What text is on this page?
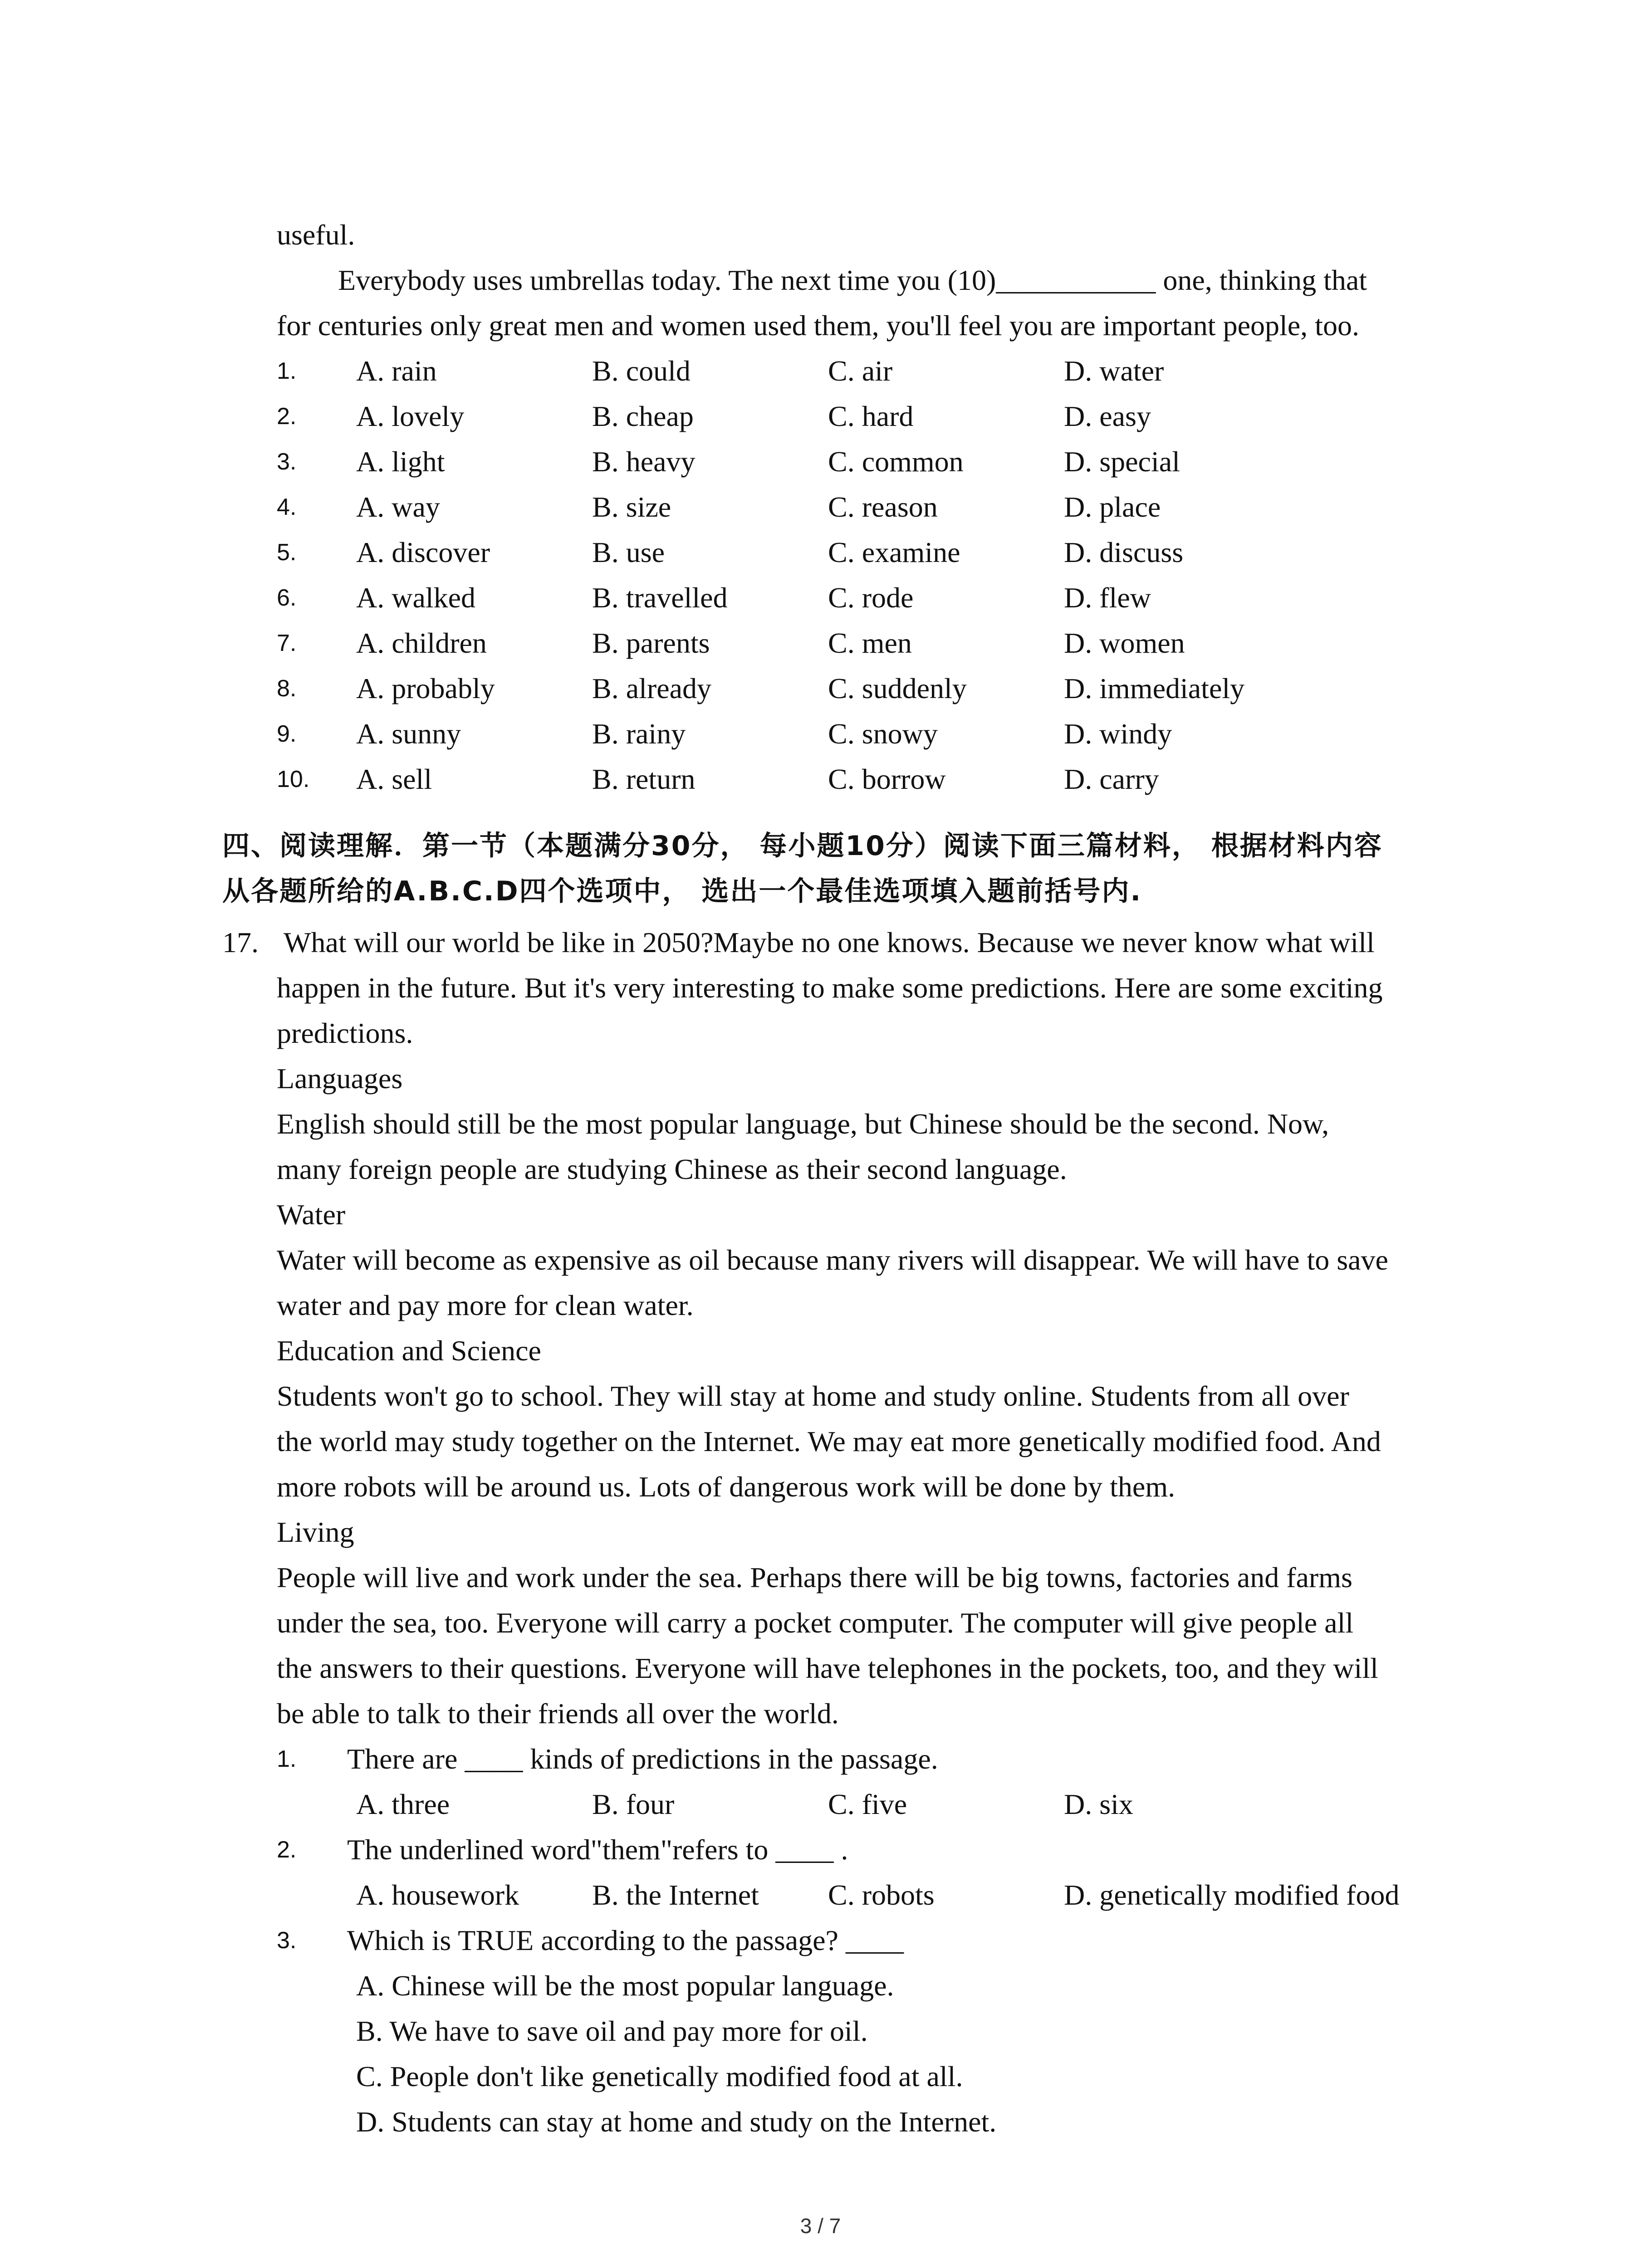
useful.
Everybody uses umbrellas today. The next time you (10)___________ one, thinking that
for centuries only great men and women used them, you'll feel you are important people, too.
1. A. rain	B. could	C. air	D. water
2. A. lovely	B. cheap	C. hard	D. easy
3. A. light	B. heavy	C. common	D. special
4. A. way	B. size	C. reason	D. place
5. A. discover	B. use	C. examine	D. discuss
6. A. walked	B. travelled	C. rode	D. flew
7. A. children	B. parents	C. men	D. women
8. A. probably	B. already	C. suddenly	D. immediately
9. A. sunny	B. rainy	C. snowy	D. windy
10. A. sell	B. return	C. borrow	D. carry
四、阅读理解．第一节（本题满分30分， 每小题10分）阅读下面三篇材料， 根据材料内容
从各题所给的A.B.C.D四个选项中， 选出一个最佳选项填入题前括号内.
17. What will our world be like in 2050?Maybe no one knows. Because we never know what will
happen in the future. But it's very interesting to make some predictions. Here are some exciting
predictions.
Languages
English should still be the most popular language, but Chinese should be the second. Now,
many foreign people are studying Chinese as their second language.
Water
Water will become as expensive as oil because many rivers will disappear. We will have to save
water and pay more for clean water.
Education and Science
Students won't go to school. They will stay at home and study online. Students from all over
the world may study together on the Internet. We may eat more genetically modified food. And
more robots will be around us. Lots of dangerous work will be done by them.
Living
People will live and work under the sea. Perhaps there will be big towns, factories and farms
under the sea, too. Everyone will carry a pocket computer. The computer will give people all
the answers to their questions. Everyone will have telephones in the pockets, too, and they will
be able to talk to their friends all over the world.
1. There are ____ kinds of predictions in the passage.
A. three	B. four	C. five	D. six
2. The underlined word"them"refers to ____ .
A. housework	B. the Internet C. robots	D. genetically modified food
3. Which is TRUE according to the passage? ____
A. Chinese will be the most popular language.
B. We have to save oil and pay more for oil.
C. People don't like genetically modified food at all.
D. Students can stay at home and study on the Internet.
3 / 7
